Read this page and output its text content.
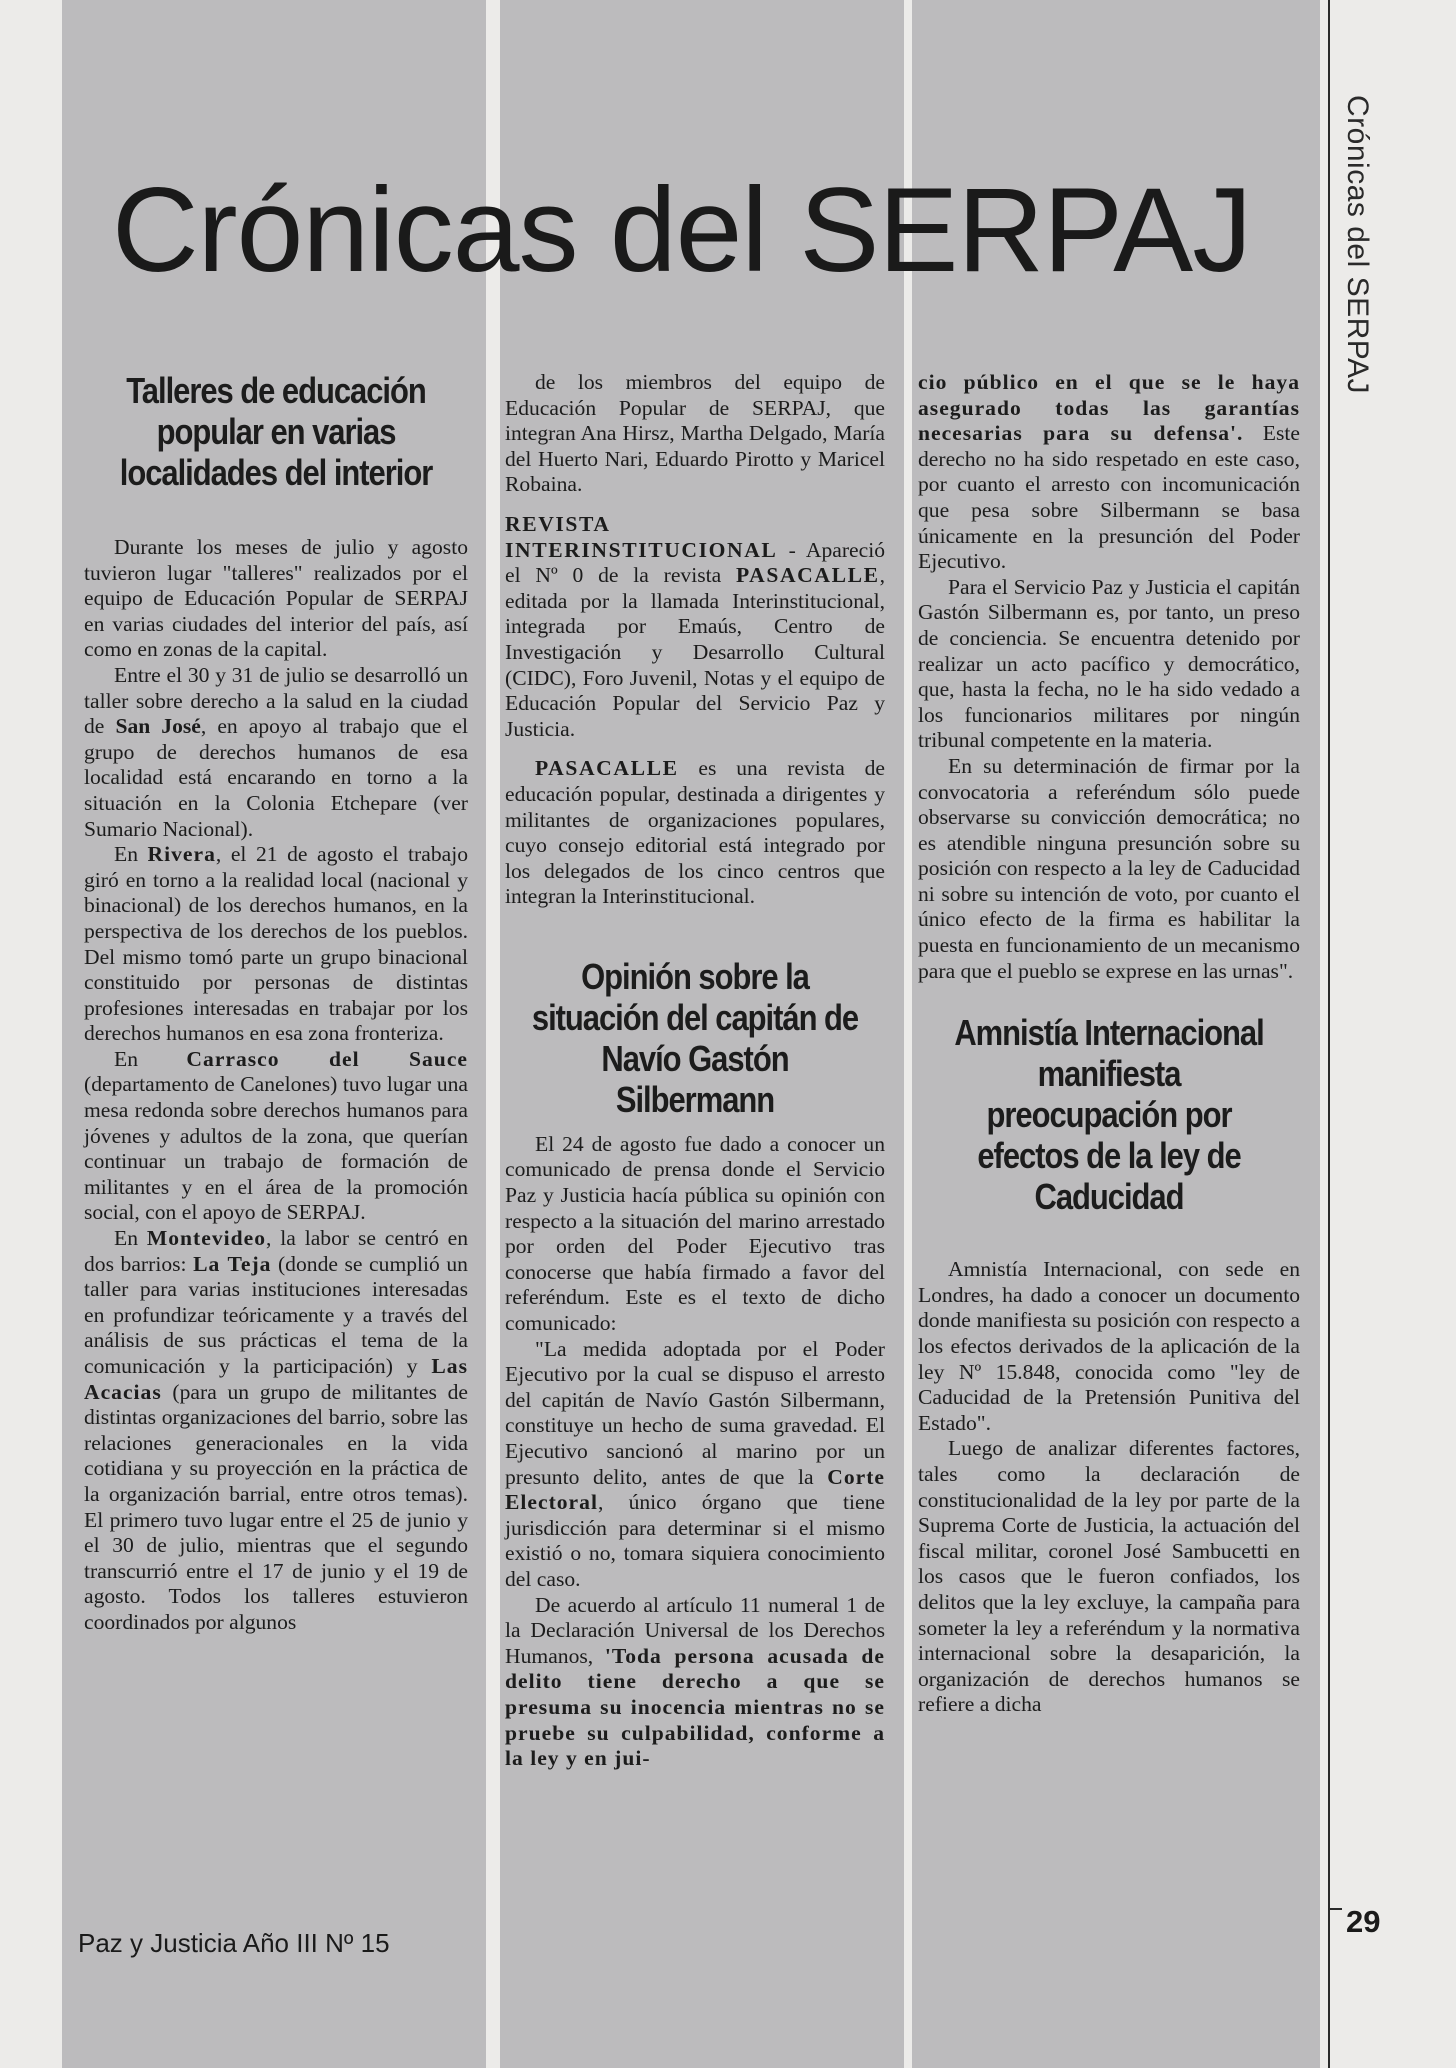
Crónicas del SERPAJ	Crónicas del SERPAJ
29
Talleres de educación popular en varias localidades del interior

Durante los meses de julio y agosto tuvieron lugar "talleres" realizados por el equipo de Educación Popular de SERPAJ en varias ciudades del interior del país, así como en zonas de la capital.

Entre el 30 y 31 de julio se desarrolló un taller sobre derecho a la salud en la ciudad de San José, en apoyo al trabajo que el grupo de derechos humanos de esa localidad está encarando en torno a la situación en la Colonia Etchepare (ver Sumario Nacional).

En Rivera, el 21 de agosto el trabajo giró en torno a la realidad local (nacional y binacional) de los derechos humanos, en la perspectiva de los derechos de los pueblos. Del mismo tomó parte un grupo binacional constituido por personas de distintas profesiones interesadas en trabajar por los derechos humanos en esa zona fronteriza.

En Carrasco del Sauce (departamento de Canelones) tuvo lugar una mesa redonda sobre derechos humanos para jóvenes y adultos de la zona, que querían continuar un trabajo de formación de militantes y en el área de la promoción social, con el apoyo de SERPAJ.

En Montevideo, la labor se centró en dos barrios: La Teja (donde se cumplió un taller para varias instituciones interesadas en profundizar teóricamente y a través del análisis de sus prácticas el tema de la comunicación y la participación) y Las Acacias (para un grupo de militantes de distintas organizaciones del barrio, sobre las relaciones generacionales en la vida cotidiana y su proyección en la práctica de la organización barrial, entre otros temas). El primero tuvo lugar entre el 25 de junio y el 30 de julio, mientras que el segundo transcurrió entre el 17 de junio y el 19 de agosto. Todos los talleres estuvieron coordinados por algunos

de los miembros del equipo de Educación Popular de SERPAJ, que integran Ana Hirsz, Martha Delgado, María del Huerto Nari, Eduardo Pirotto y Maricel Robaina.

REVISTA INTERINSTITUCIONAL - Apareció el Nº 0 de la revista PASACALLE, editada por la llamada Interinstitucional, integrada por Emaús, Centro de Investigación y Desarrollo Cultural (CIDC), Foro Juvenil, Notas y el equipo de Educación Popular del Servicio Paz y Justicia.

PASACALLE es una revista de educación popular, destinada a dirigentes y militantes de organizaciones populares, cuyo consejo editorial está integrado por los delegados de los cinco centros que integran la Interinstitucional.

Opinión sobre la situación del capitán de Navío Gastón Silbermann

El 24 de agosto fue dado a conocer un comunicado de prensa donde el Servicio Paz y Justicia hacía pública su opinión con respecto a la situación del marino arrestado por orden del Poder Ejecutivo tras conocerse que había firmado a favor del referéndum. Este es el texto de dicho comunicado:

"La medida adoptada por el Poder Ejecutivo por la cual se dispuso el arresto del capitán de Navío Gastón Silbermann, constituye un hecho de suma gravedad. El Ejecutivo sancionó al marino por un presunto delito, antes de que la Corte Electoral, único órgano que tiene jurisdicción para determinar si el mismo existió o no, tomara siquiera conocimiento del caso.

De acuerdo al artículo 11 numeral 1 de la Declaración Universal de los Derechos Humanos, 'Toda persona acusada de delito tiene derecho a que se presuma su inocencia mientras no se pruebe su culpabilidad, conforme a la ley y en jui-

cio público en el que se le haya asegurado todas las garantías necesarias para su defensa'. Este derecho no ha sido respetado en este caso, por cuanto el arresto con incomunicación que pesa sobre Silbermann se basa únicamente en la presunción del Poder Ejecutivo.

Para el Servicio Paz y Justicia el capitán Gastón Silbermann es, por tanto, un preso de conciencia. Se encuentra detenido por realizar un acto pacífico y democrático, que, hasta la fecha, no le ha sido vedado a los funcionarios militares por ningún tribunal competente en la materia.

En su determinación de firmar por la convocatoria a referéndum sólo puede observarse su convicción democrática; no es atendible ninguna presunción sobre su posición con respecto a la ley de Caducidad ni sobre su intención de voto, por cuanto el único efecto de la firma es habilitar la puesta en funcionamiento de un mecanismo para que el pueblo se exprese en las urnas".

Amnistía Internacional manifiesta preocupación por efectos de la ley de Caducidad

Amnistía Internacional, con sede en Londres, ha dado a conocer un documento donde manifiesta su posición con respecto a los efectos derivados de la aplicación de la ley Nº 15.848, conocida como "ley de Caducidad de la Pretensión Punitiva del Estado".

Luego de analizar diferentes factores, tales como la declaración de constitucionalidad de la ley por parte de la Suprema Corte de Justicia, la actuación del fiscal militar, coronel José Sambucetti en los casos que le fueron confiados, los delitos que la ley excluye, la campaña para someter la ley a referéndum y la normativa internacional sobre la desaparición, la organización de derechos humanos se refiere a dicha

Paz y Justicia Año III Nº 15
